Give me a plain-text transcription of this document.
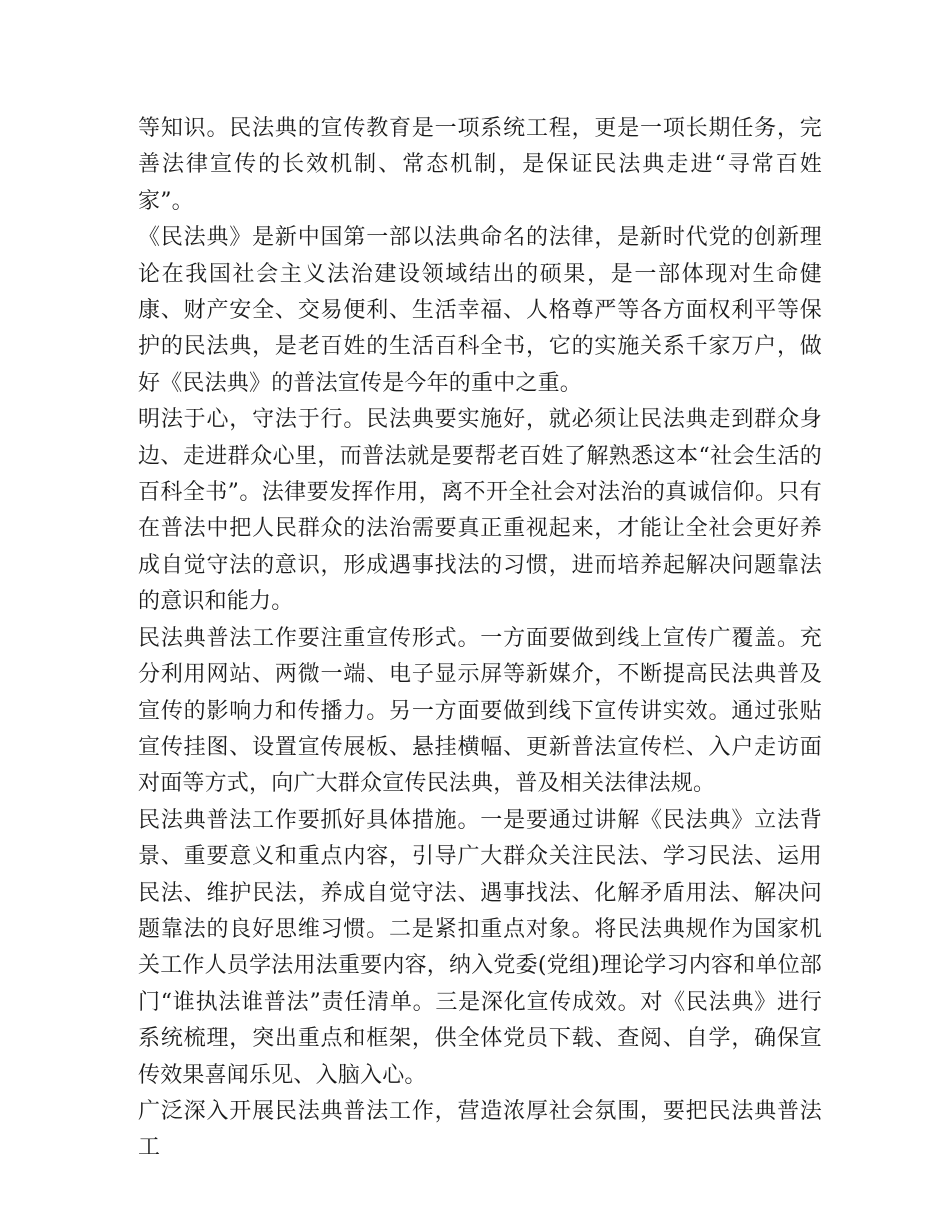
等知识。民法典的宣传教育是一项系统工程，更是一项长期任务，完善法律宣传的长效机制、常态机制，是保证民法典走进“寻常百姓家”。

《民法典》是新中国第一部以法典命名的法律，是新时代党的创新理论在我国社会主义法治建设领域结出的硕果，是一部体现对生命健康、财产安全、交易便利、生活幸福、人格尊严等各方面权利平等保护的民法典，是老百姓的生活百科全书，它的实施关系千家万户，做好《民法典》的普法宣传是今年的重中之重。

明法于心，守法于行。民法典要实施好，就必须让民法典走到群众身边、走进群众心里，而普法就是要帮老百姓了解熟悉这本“社会生活的百科全书”。法律要发挥作用，离不开全社会对法治的真诚信仰。只有在普法中把人民群众的法治需要真正重视起来，才能让全社会更好养成自觉守法的意识，形成遇事找法的习惯，进而培养起解决问题靠法的意识和能力。

民法典普法工作要注重宣传形式。一方面要做到线上宣传广覆盖。充分利用网站、两微一端、电子显示屏等新媒介，不断提高民法典普及宣传的影响力和传播力。另一方面要做到线下宣传讲实效。通过张贴宣传挂图、设置宣传展板、悬挂横幅、更新普法宣传栏、入户走访面对面等方式，向广大群众宣传民法典，普及相关法律法规。

民法典普法工作要抓好具体措施。一是要通过讲解《民法典》立法背景、重要意义和重点内容，引导广大群众关注民法、学习民法、运用民法、维护民法，养成自觉守法、遇事找法、化解矛盾用法、解决问题靠法的良好思维习惯。二是紧扣重点对象。将民法典规作为国家机关工作人员学法用法重要内容，纳入党委(党组)理论学习内容和单位部门“谁执法谁普法”责任清单。三是深化宣传成效。对《民法典》进行系统梳理，突出重点和框架，供全体党员下载、查阅、自学，确保宣传效果喜闻乐见、入脑入心。

广泛深入开展民法典普法工作，营造浓厚社会氛围，要把民法典普法工
